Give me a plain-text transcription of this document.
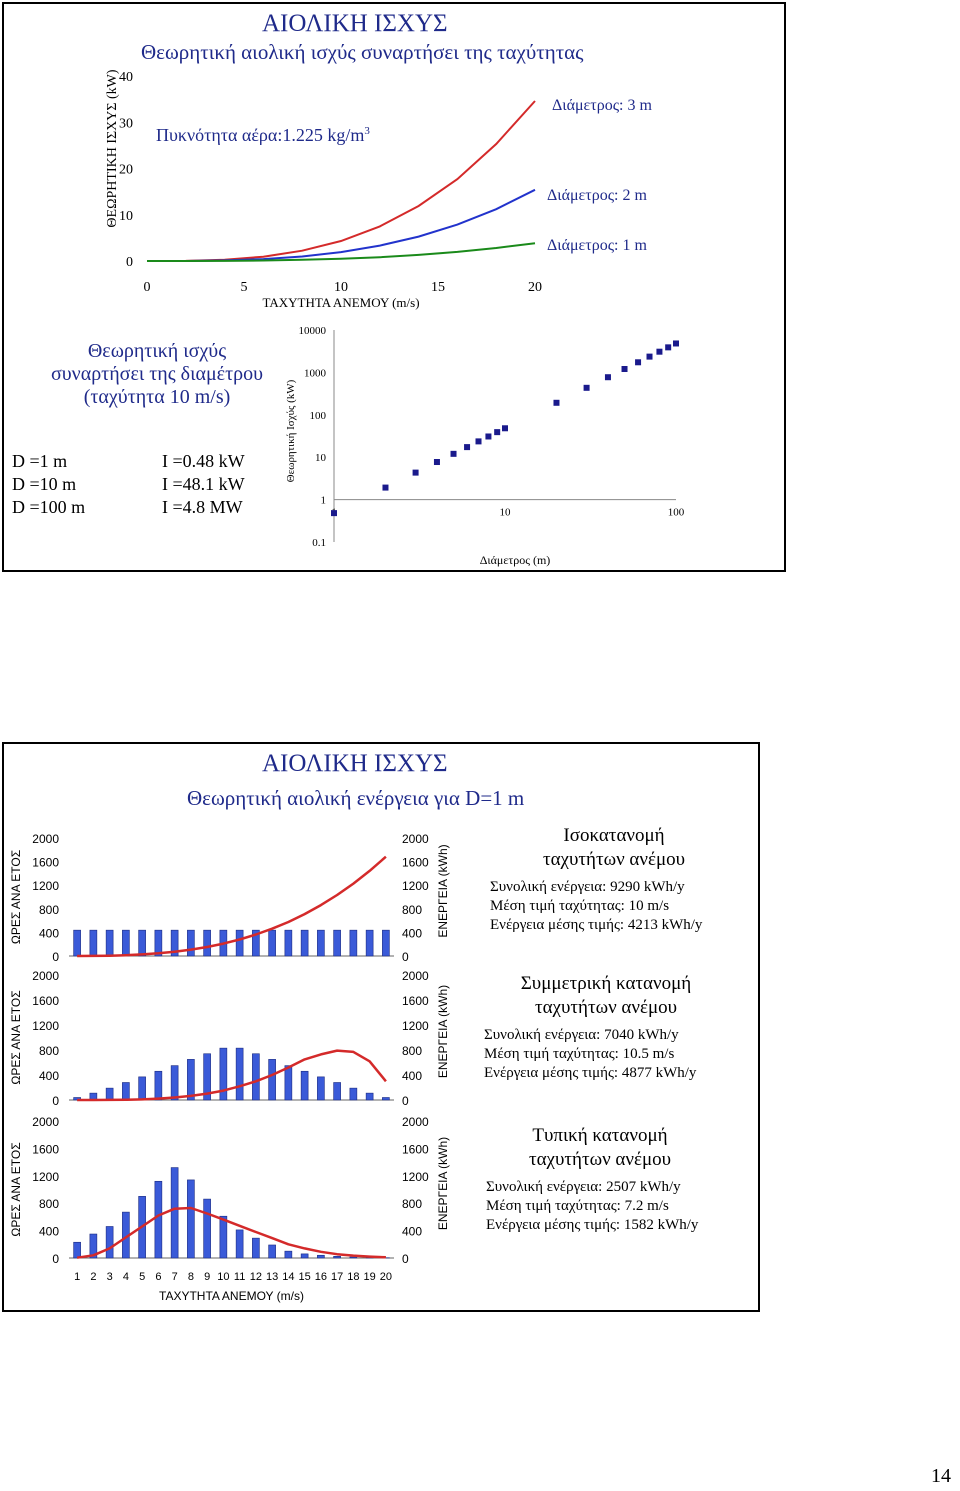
0
10
20
30
40
0	5	10	15	20
ΤΑΧΥΤΗΤΑ ΑΝΕΜΟΥ (m/s)
ΘΕΩΡΗΤΙΚΗ ΙΣΧΥΣ (kW)	Διάμετρος: 3 m
Διάμετρος: 2 m
Διάμετρος: 1 m
0.1
1
10
100
1000
10000
10	100
Διάμετρος (m)
Θεωρητική Ισχύς (kW)
ΑΙΟΛΙΚΗ ΙΣΧΥΣ
Θεωρητική αιολική ισχύς συναρτήσει της ταχύτητας
Πυκνότητα αέρα:1.225 $kg/m^3$
Θεωρητική ισχύς
συναρτήσει της διαμέτρου
(ταχύτητα 10 m/s)
D =1 m	I =0.48 kW
D =10 m	I =48.1 kW
D =100 m	I =4.8 MW
0	0
400	400
800	800
1200	1200
1600	1600
2000	2000
ΩΡΕΣ ΑΝΑ ΕΤΟΣ	ΕΝΕΡΓΕΙΑ (kWh)
0	0
400	400
800	800
1200	1200
1600	1600
2000	2000
ΩΡΕΣ ΑΝΑ ΕΤΟΣ	ΕΝΕΡΓΕΙΑ (kWh)
0	0
400	400
800	800
1200	1200
1600	1600
2000	2000
ΩΡΕΣ ΑΝΑ ΕΤΟΣ	ΕΝΕΡΓΕΙΑ (kWh)
1 2 3 4 5 6 7 8 9 10 11 12 13 14 15 16 17 18 19 20
ΤΑΧΥΤΗΤΑ ΑΝΕΜΟΥ (m/s)
ΑΙΟΛΙΚΗ ΙΣΧΥΣ
Θεωρητική αιολική ενέργεια για D=1 m
Ισοκατανομή
ταχυτήτων ανέμου
Συνολική ενέργεια: 9290 kWh/y
Μέση τιμή ταχύτητας: 10 m/s
Ενέργεια μέσης τιμής: 4213 kWh/y
Συμμετρική κατανομή
ταχυτήτων ανέμου
Συνολική ενέργεια: 7040 kWh/y
Μέση τιμή ταχύτητας: 10.5 m/s
Ενέργεια μέσης τιμής: 4877 kWh/y
Τυπική κατανομή
ταχυτήτων ανέμου
Συνολική ενέργεια: 2507 kWh/y
Μέση τιμή ταχύτητας: 7.2 m/s
Ενέργεια μέσης τιμής: 1582 kWh/y
14
